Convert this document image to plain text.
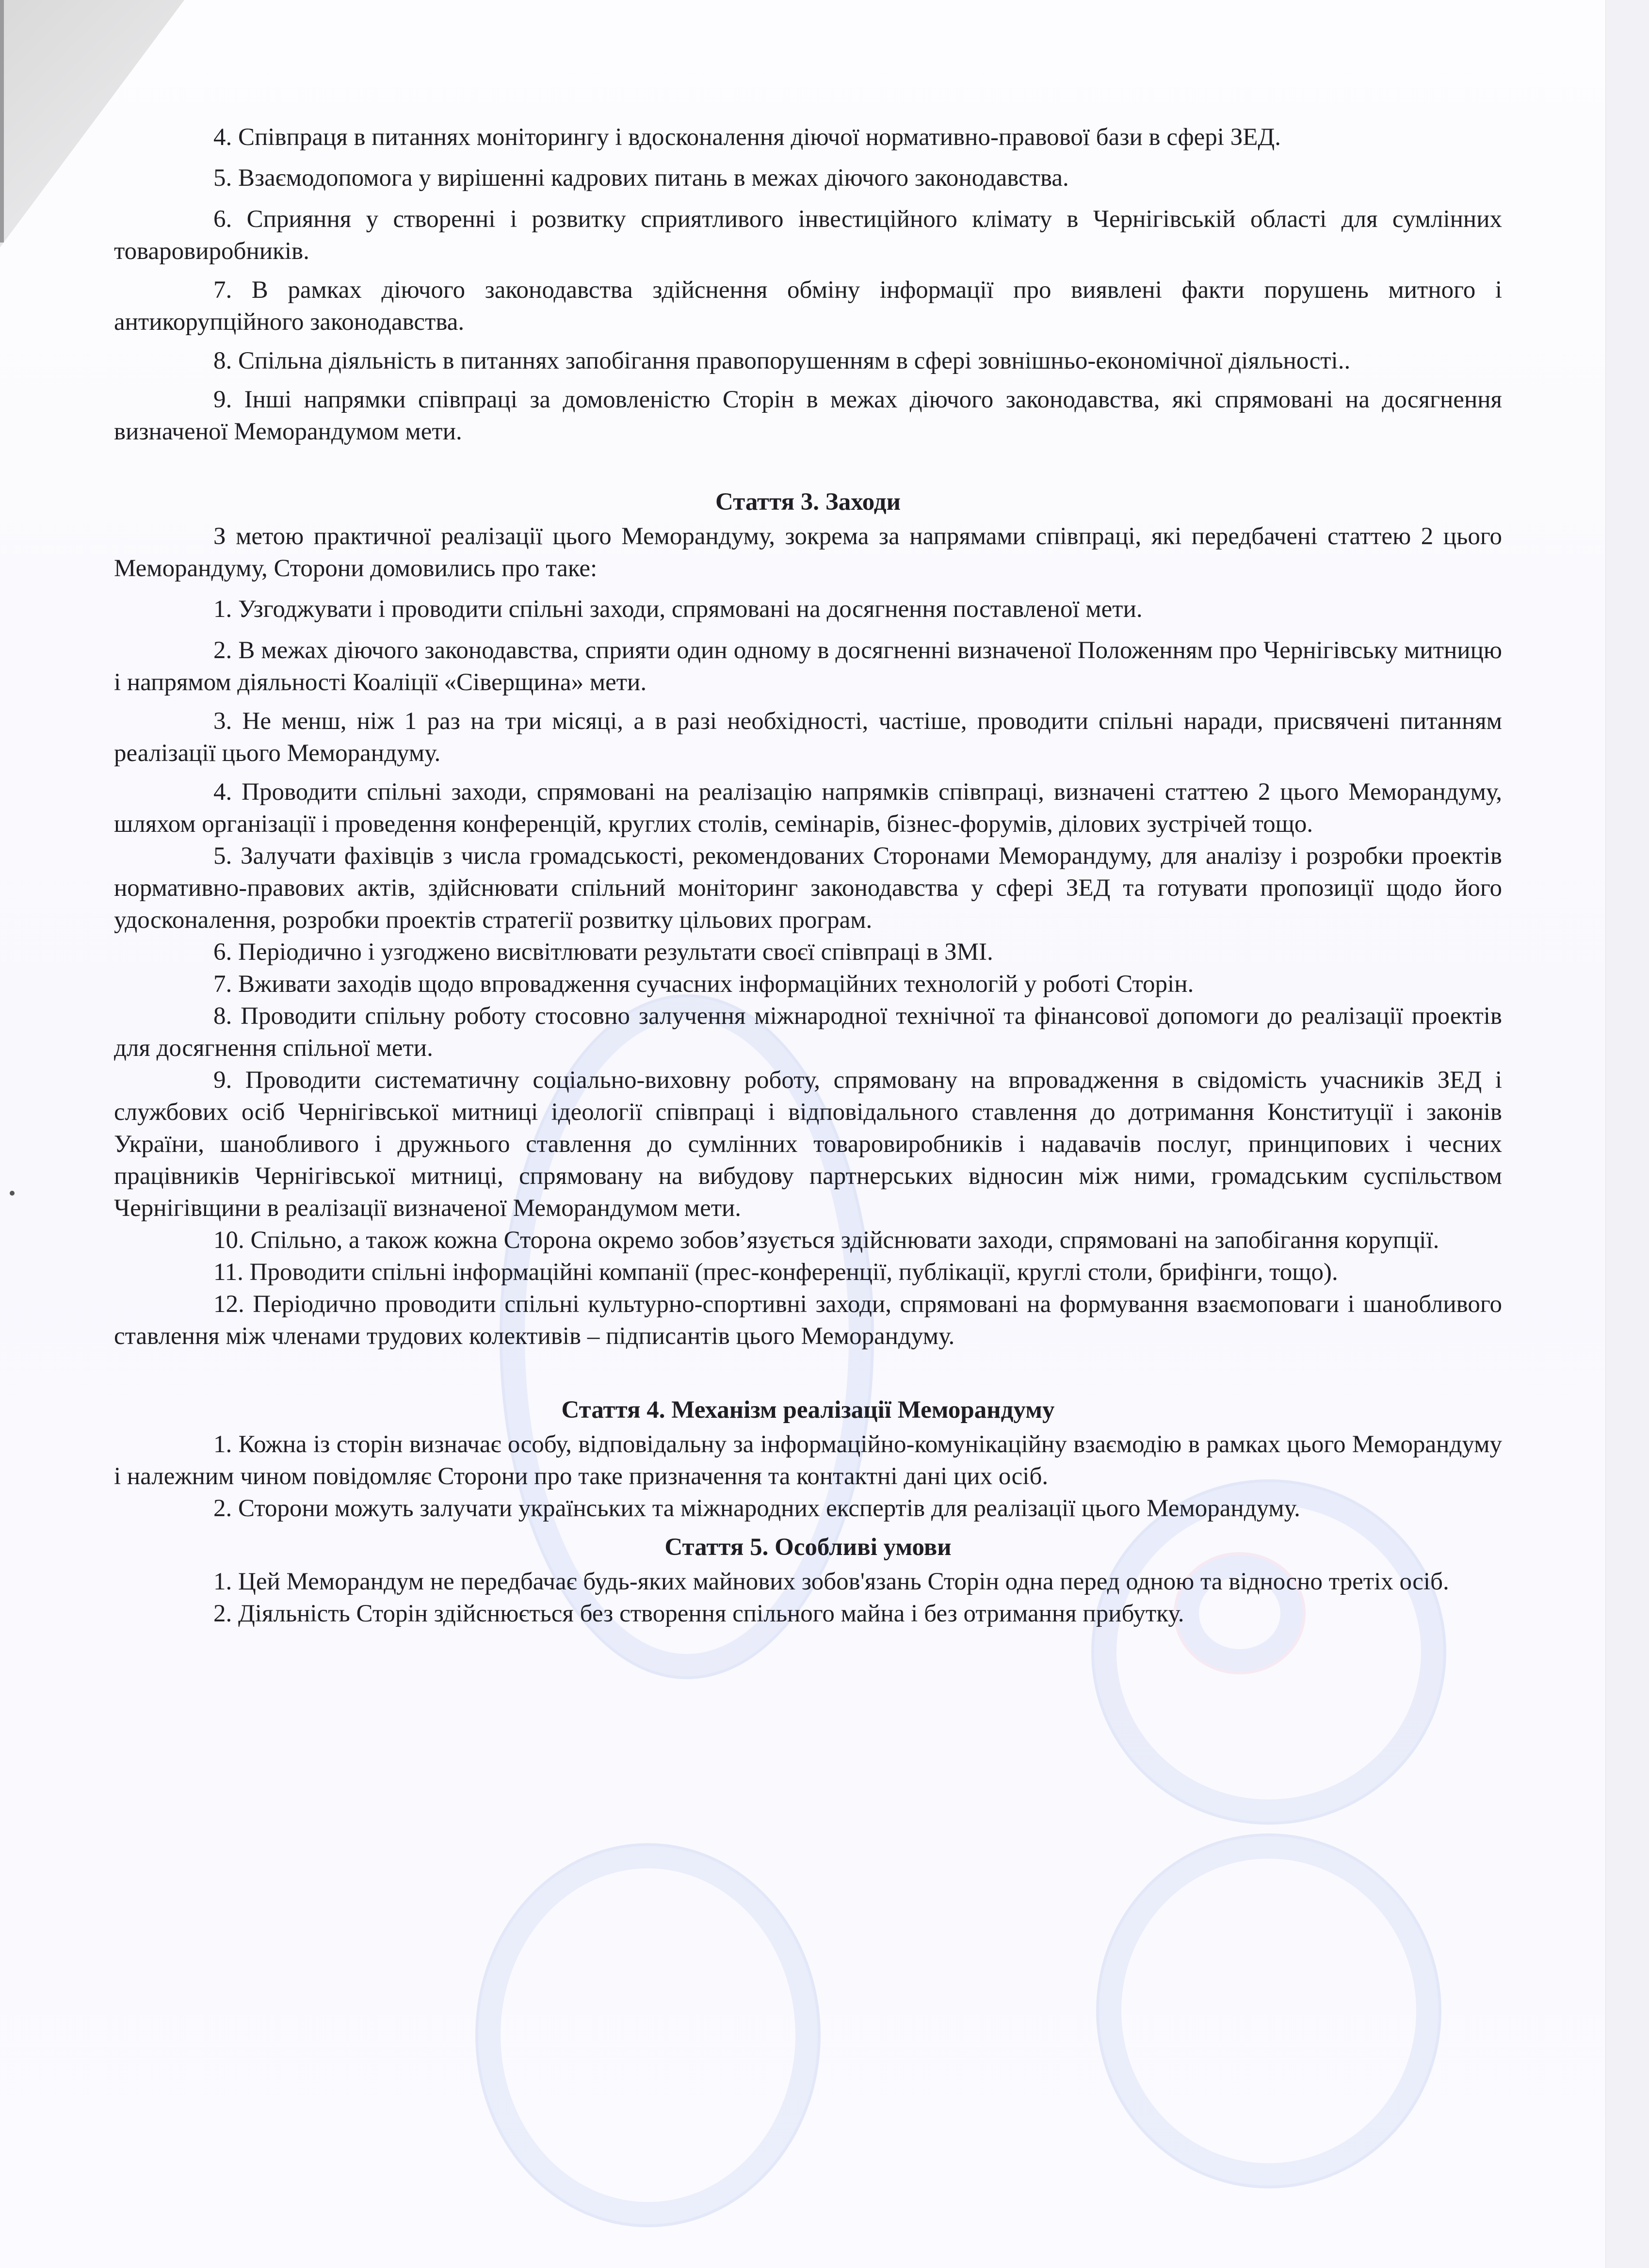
4. Співпраця в питаннях моніторингу і вдосконалення діючої нормативно-правової бази в сфері ЗЕД.

5. Взаємодопомога у вирішенні кадрових питань в межах діючого законодавства.

6. Сприяння у створенні і розвитку сприятливого інвестиційного клімату в Чернігівській області для сумлінних товаровиробників.

7. В рамках діючого законодавства здійснення обміну інформації про виявлені факти порушень митного і антикорупційного законодавства.

8. Спільна діяльність в питаннях запобігання правопорушенням в сфері зовнішньо-економічної діяльності..

9. Інші напрямки співпраці за домовленістю Сторін в межах діючого законодавства, які спрямовані на досягнення визначеної Меморандумом мети.

Стаття 3. Заходи

З метою практичної реалізації цього Меморандуму, зокрема за напрямами співпраці, які передбачені статтею 2 цього Меморандуму, Сторони домовились про таке:

1. Узгоджувати і проводити спільні заходи, спрямовані на досягнення поставленої мети.

2. В межах діючого законодавства, сприяти один одному в досягненні визначеної Положенням про Чернігівську митницю і напрямом діяльності Коаліції «Сіверщина» мети.

3. Не менш, ніж 1 раз на три місяці, а в разі необхідності, частіше, проводити спільні наради, присвячені питанням реалізації цього Меморандуму.

4. Проводити спільні заходи, спрямовані на реалізацію напрямків співпраці, визначені статтею 2 цього Меморандуму, шляхом організації і проведення конференцій, круглих столів, семінарів, бізнес-форумів, ділових зустрічей тощо.

5. Залучати фахівців з числа громадськості, рекомендованих Сторонами Меморандуму, для аналізу і розробки проектів нормативно-правових актів, здійснювати спільний моніторинг законодавства у сфері ЗЕД та готувати пропозиції щодо його удосконалення, розробки проектів стратегії розвитку цільових програм.

6. Періодично і узгоджено висвітлювати результати своєї співпраці в ЗМІ.

7. Вживати заходів щодо впровадження сучасних інформаційних технологій у роботі Сторін.

8. Проводити спільну роботу стосовно залучення міжнародної технічної та фінансової допомоги до реалізації проектів для досягнення спільної мети.

9. Проводити систематичну соціально-виховну роботу, спрямовану на впровадження в свідомість учасників ЗЕД і службових осіб Чернігівської митниці ідеології співпраці і відповідального ставлення до дотримання Конституції і законів України, шанобливого і дружнього ставлення до сумлінних товаровиробників і надавачів послуг, принципових і чесних працівників Чернігівської митниці, спрямовану на вибудову партнерських відносин між ними, громадським суспільством Чернігівщини в реалізації визначеної Меморандумом мети.

10. Спільно, а також кожна Сторона окремо зобов’язується здійснювати заходи, спрямовані на запобігання корупції.

11. Проводити спільні інформаційні компанії (прес-конференції, публікації, круглі столи, брифінги, тощо).

12. Періодично проводити спільні культурно-спортивні заходи, спрямовані на формування взаємоповаги і шанобливого ставлення між членами трудових колективів – підписантів цього Меморандуму.

Стаття 4. Механізм реалізації Меморандуму

1. Кожна із сторін визначає особу, відповідальну за інформаційно-комунікаційну взаємодію в рамках цього Меморандуму і належним чином повідомляє Сторони про таке призначення та контактні дані цих осіб.

2. Сторони можуть залучати українських та міжнародних експертів для реалізації цього Меморандуму.

Стаття 5. Особливі умови

1. Цей Меморандум не передбачає будь-яких майнових зобов'язань Сторін одна перед одною та відносно третіх осіб.

2. Діяльність Сторін здійснюється без створення спільного майна і без отримання прибутку.
